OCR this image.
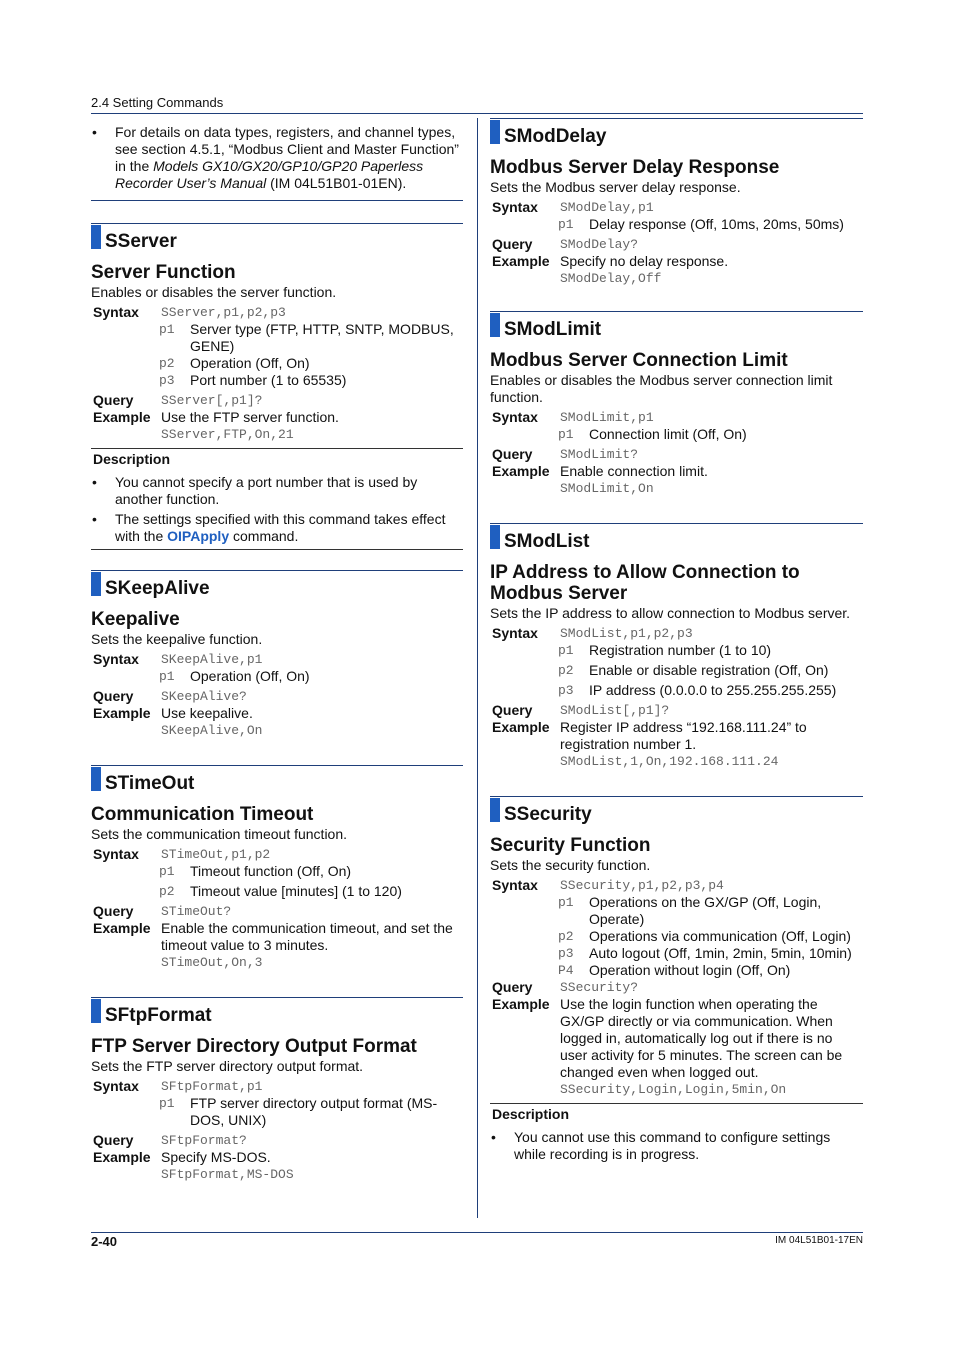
2.4 Setting Commands
•	For details on data types, registers, and channel types, see section 4.5.1, “Modbus Client and Master Function” in the Models GX10/GX20/GP10/GP20 Paperless Recorder User’s Manual (IM 04L51B01-01EN).
SServer
Server Function
Enables or disables the server function.
Syntax	SServer,p1,p2,p3
p1	Server type (FTP, HTTP, SNTP, MODBUS, GENE)
p2	Operation (Off, On)
p3	Port number (1 to 65535)
Query	SServer[,p1]?
Example Use the FTP server function.
SServer,FTP,On,21
Description
•	You cannot specify a port number that is used by another function.
•	The settings specified with this command takes effect with the OIPApply command.
SKeepAlive
Keepalive
Sets the keepalive function.
Syntax	SKeepAlive,p1
p1	Operation (Off, On)
Query	SKeepAlive?
Example Use keepalive.
SKeepAlive,On
STimeOut
Communication Timeout
Sets the communication timeout function.
Syntax	STimeOut,p1,p2
p1	Timeout function (Off, On)
p2	Timeout value [minutes] (1 to 120)
Query	STimeOut?
Example Enable the communication timeout, and set the timeout value to 3 minutes.
STimeOut,On,3
SFtpFormat
FTP Server Directory Output Format
Sets the FTP server directory output format.
Syntax	SFtpFormat,p1
p1	FTP server directory output format (MS-DOS, UNIX)
Query	SFtpFormat?
Example Specify MS-DOS.
SFtpFormat,MS-DOS
SModDelay
Modbus Server Delay Response
Sets the Modbus server delay response.
Syntax	SModDelay,p1
p1	Delay response (Off, 10ms, 20ms, 50ms)
Query	SModDelay?
Example Specify no delay response.
SModDelay,Off
SModLimit
Modbus Server Connection Limit
Enables or disables the Modbus server connection limit function.
Syntax	SModLimit,p1
p1	Connection limit (Off, On)
Query	SModLimit?
Example Enable connection limit.
SModLimit,On
SModList
IP Address to Allow Connection to Modbus Server
Sets the IP address to allow connection to Modbus server.
Syntax	SModList,p1,p2,p3
p1	Registration number (1 to 10)
p2	Enable or disable registration (Off, On)
p3	IP address (0.0.0.0 to 255.255.255.255)
Query	SModList[,p1]?
Example Register IP address “192.168.111.24” to registration number 1.
SModList,1,On,192.168.111.24
SSecurity
Security Function
Sets the security function.
Syntax	SSecurity,p1,p2,p3,p4
p1	Operations on the GX/GP (Off, Login, Operate)
p2	Operations via communication (Off, Login)
p3	Auto logout (Off, 1min, 2min, 5min, 10min)
P4	Operation without login (Off, On)
Query	SSecurity?
Example Use the login function when operating the GX/GP directly or via communication. When logged in, automatically log out if there is no user activity for 5 minutes. The screen can be changed even when logged out.
SSecurity,Login,Login,5min,On
Description
•	You cannot use this command to configure settings while recording is in progress.
2-40	IM 04L51B01-17EN
